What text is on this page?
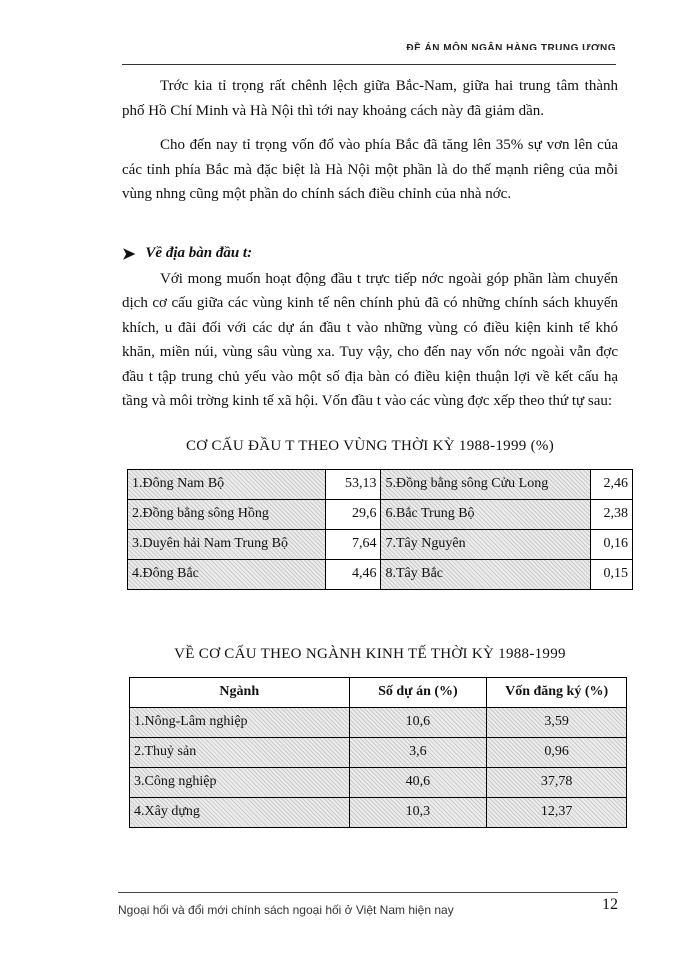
ĐỀ ÁN MÔN NGÂN HÀNG TRUNG ƯƠNG

Trớc kia tỉ trọng rất chênh lệch giữa Bắc-Nam, giữa hai trung tâm thành phố Hồ Chí Minh và Hà Nội thì tới nay khoảng cách này đã giảm dần.

Cho đến nay tỉ trọng vốn đổ vào phía Bắc đã tăng lên 35% sự vơn lên của các tỉnh phía Bắc mà đặc biệt là Hà Nội một phần là do thế mạnh riêng của mỗi vùng nhng cũng một phần do chính sách điều chỉnh của nhà nớc.

➤ Về địa bàn đầu t:

Với mong muốn hoạt động đầu t trực tiếp nớc ngoài góp phần làm chuyển dịch cơ cấu giữa các vùng kinh tế nên chính phủ đã có những chính sách khuyến khích, u đãi đối với các dự án đầu t vào những vùng có điều kiện kinh tế khó khăn, miền núi, vùng sâu vùng xa. Tuy vậy, cho đến nay vốn nớc ngoài vẫn đợc đầu t tập trung chủ yếu vào một số địa bàn có điều kiện thuận lợi về kết cấu hạ tầng và môi trờng kinh tế xã hội. Vốn đầu t vào các vùng đợc xếp theo thứ tự sau:

CƠ CẤU ĐẦU T THEO VÙNG THỜI KỲ 1988-1999 (%)
1.Đông Nam Bộ	53,13	5.Đồng bằng sông Cửu Long	2,46
2.Đồng bằng sông Hồng	29,6	6.Bắc Trung Bộ	2,38
3.Duyên hải Nam Trung Bộ	7,64	7.Tây Nguyên	0,16
4.Đông Bắc	4,46	8.Tây Bắc	0,15
VỀ CƠ CẤU THEO NGÀNH KINH TẾ THỜI KỲ 1988-1999
Ngành	Số dự án (%)	Vốn đăng ký (%)
1.Nông-Lâm nghiệp	10,6	3,59
2.Thuỷ sản	3,6	0,96
3.Công nghiệp	40,6	37,78
4.Xây dựng	10,3	12,37
Ngoại hối và đổi mới chính sách ngoại hối ở Việt Nam hiện nay	12
